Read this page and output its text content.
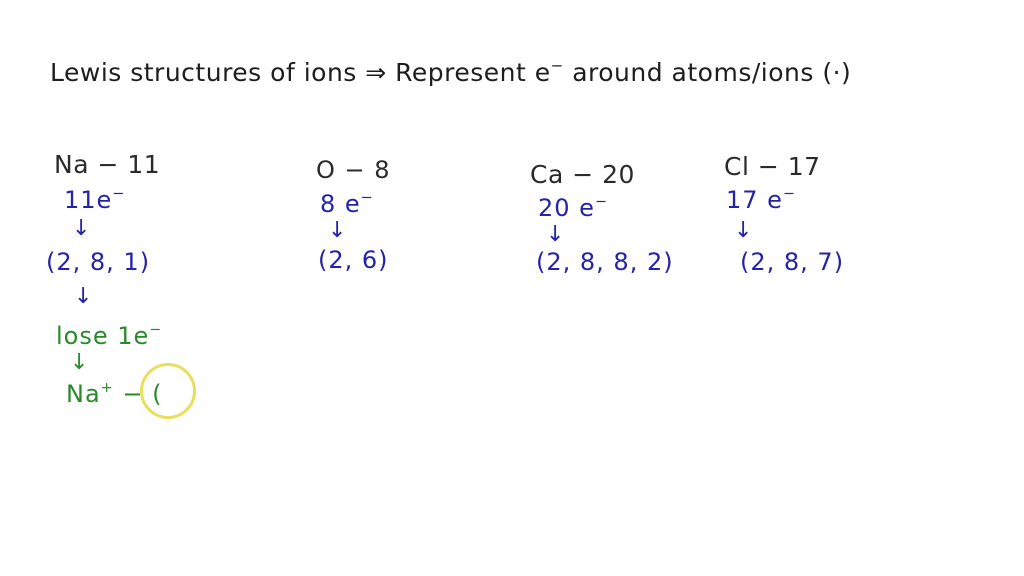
Lewis structures of ions ⇒ Represent e− around atoms/ions (·)
Na − 11
11e−
↓
(2, 8, 1)
↓
lose 1e−
↓
Na+ − (
O − 8
8 e−
↓
(2, 6)
Ca − 20
20 e−
↓
(2, 8, 8, 2)
Cl − 17
17 e−
↓
(2, 8, 7)
